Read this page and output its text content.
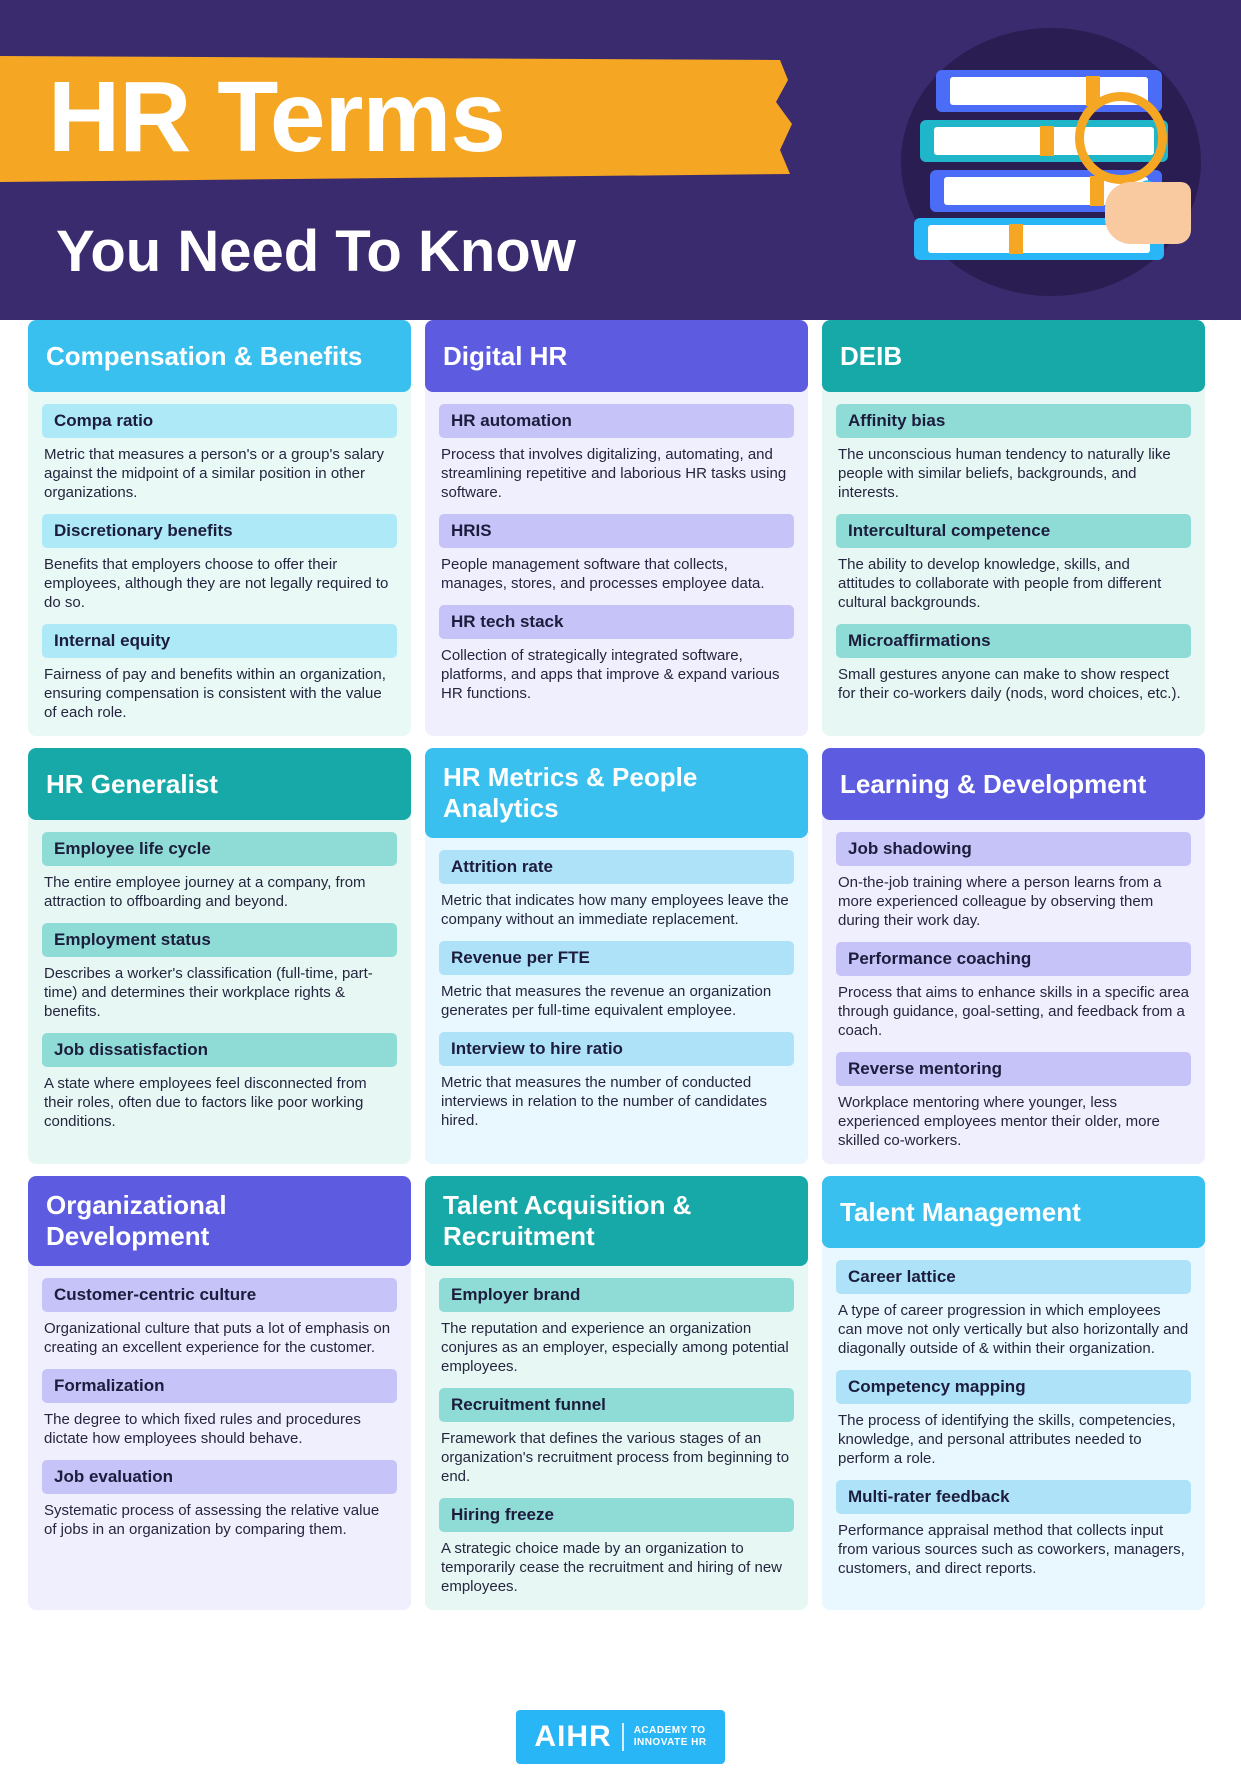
HR Terms
You Need To Know
Compensation & Benefits
Compa ratio
Metric that measures a person's or a group's salary against the midpoint of a similar position in other organizations.
Discretionary benefits
Benefits that employers choose to offer their employees, although they are not legally required to do so.
Internal equity
Fairness of pay and benefits within an organization, ensuring compensation is consistent with the value of each role.
Digital HR
HR automation
Process that involves digitalizing, automating, and streamlining repetitive and laborious HR tasks using software.
HRIS
People management software that collects, manages, stores, and processes employee data.
HR tech stack
Collection of strategically integrated software, platforms, and apps that improve & expand various HR functions.
DEIB
Affinity bias
The unconscious human tendency to naturally like people with similar beliefs, backgrounds, and interests.
Intercultural competence
The ability to develop knowledge, skills, and attitudes to collaborate with people from different cultural backgrounds.
Microaffirmations
Small gestures anyone can make to show respect for their co-workers daily (nods, word choices, etc.).
HR Generalist
Employee life cycle
The entire employee journey at a company, from attraction to offboarding and beyond.
Employment status
Describes a worker's classification (full-time, part-time) and determines their workplace rights & benefits.
Job dissatisfaction
A state where employees feel disconnected from their roles, often due to factors like poor working conditions.
HR Metrics & People Analytics
Attrition rate
Metric that indicates how many employees leave the company without an immediate replacement.
Revenue per FTE
Metric that measures the revenue an organization generates per full-time equivalent employee.
Interview to hire ratio
Metric that measures the number of conducted interviews in relation to the number of candidates hired.
Learning & Development
Job shadowing
On-the-job training where a person learns from a more experienced colleague by observing them during their work day.
Performance coaching
Process that aims to enhance skills in a specific area through guidance, goal-setting, and feedback from a coach.
Reverse mentoring
Workplace mentoring where younger, less experienced employees mentor their older, more skilled co-workers.
Organizational Development
Customer-centric culture
Organizational culture that puts a lot of emphasis on creating an excellent experience for the customer.
Formalization
The degree to which fixed rules and procedures dictate how employees should behave.
Job evaluation
Systematic process of assessing the relative value of jobs in an organization by comparing them.
Talent Acquisition & Recruitment
Employer brand
The reputation and experience an organization conjures as an employer, especially among potential employees.
Recruitment funnel
Framework that defines the various stages of an organization's recruitment process from beginning to end.
Hiring freeze
A strategic choice made by an organization to temporarily cease the recruitment and hiring of new employees.
Talent Management
Career lattice
A type of career progression in which employees can move not only vertically but also horizontally and diagonally outside of & within their organization.
Competency mapping
The process of identifying the skills, competencies, knowledge, and personal attributes needed to perform a role.
Multi-rater feedback
Performance appraisal method that collects input from various sources such as coworkers, managers, customers, and direct reports.
AIHR ACADEMY TO
INNOVATE HR
